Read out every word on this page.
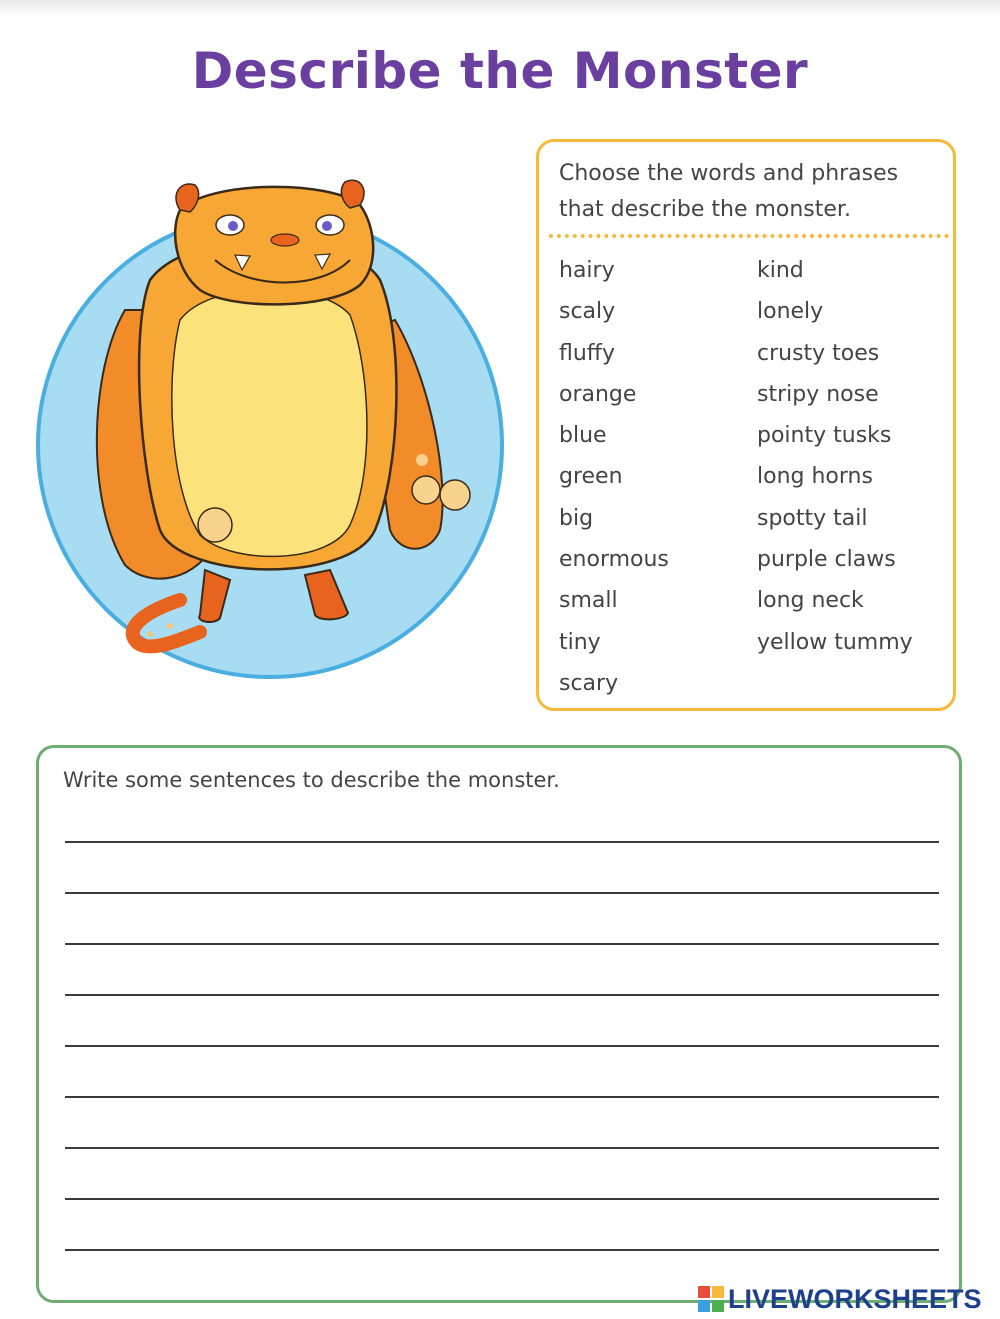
Describe the Monster
Choose the words and phrases that describe the monster.
hairy
scaly
fluffy
orange
blue
green
big
enormous
small
tiny
scary
kind
lonely
crusty toes
stripy nose
pointy tusks
long horns
spotty tail
purple claws
long neck
yellow tummy
Write some sentences to describe the monster.
LIVEWORKSHEETS
